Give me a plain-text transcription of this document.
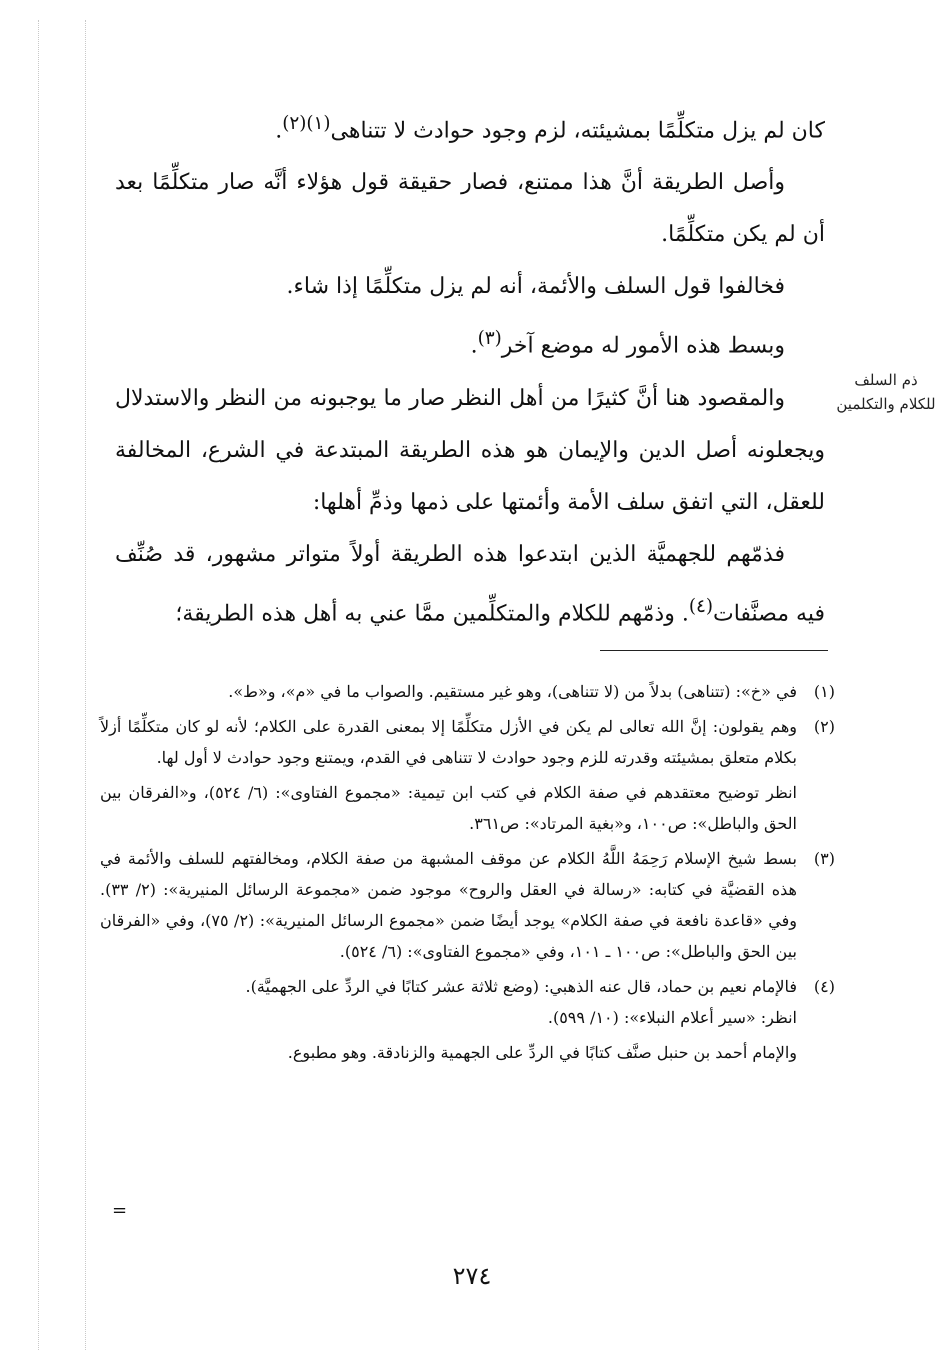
كان لم يزل متكلِّمًا بمشيئته، لزم وجود حوادث لا تتناهى$^{(١)(٢)}$.

وأصل الطريقة أنَّ هذا ممتنع، فصار حقيقة قول هؤلاء أنَّه صار متكلِّمًا بعد أن لم يكن متكلِّمًا.

فخالفوا قول السلف والأئمة، أنه لم يزل متكلِّمًا إذا شاء.

وبسط هذه الأمور له موضع آخر$^{(٣)}$.

والمقصود هنا أنَّ كثيرًا من أهل النظر صار ما يوجبونه من النظر والاستدلال ويجعلونه أصل الدين والإيمان هو هذه الطريقة المبتدعة في الشرع، المخالفة للعقل، التي اتفق سلف الأمة وأئمتها على ذمها وذمِّ أهلها:

فذمّهم للجهميَّة الذين ابتدعوا هذه الطريقة أولاً متواتر مشهور، قد صُنِّف فيه مصنَّفات$^{(٤)}$. وذمّهم للكلام والمتكلِّمين ممَّا عني به أهل هذه الطريقة؛

ذم السلف للكلام والتكلمين
(١)

في «خ»: (تتناهى) بدلاً من (لا تتناهى)، وهو غير مستقيم. والصواب ما في «م»، و«ط».

(٢)

وهم يقولون: إنَّ الله تعالى لم يكن في الأزل متكلِّمًا إلا بمعنى القدرة على الكلام؛ لأنه لو كان متكلِّمًا أزلاً بكلام متعلق بمشيئته وقدرته للزم وجود حوادث لا تتناهى في القدم، ويمتنع وجود حوادث لا أول لها.

انظر توضيح معتقدهم في صفة الكلام في كتب ابن تيمية: «مجموع الفتاوى»: (٦/ ٥٢٤)، و«الفرقان بين الحق والباطل»: ص١٠٠، و«بغية المرتاد»: ص٣٦١.

(٣)

بسط شيخ الإسلام رَحِمَهُ اللَّهُ الكلام عن موقف المشبهة من صفة الكلام، ومخالفتهم للسلف والأئمة في هذه القضيَّة في كتابه: «رسالة في العقل والروح» موجود ضمن «مجموعة الرسائل المنيرية»: (٢/ ٣٣). وفي «قاعدة نافعة في صفة الكلام» يوجد أيضًا ضمن «مجموع الرسائل المنيرية»: (٢/ ٧٥)، وفي «الفرقان بين الحق والباطل»: ص١٠٠ ـ ١٠١، وفي «مجموع الفتاوى»: (٦/ ٥٢٤).

(٤)

فالإمام نعيم بن حماد، قال عنه الذهبي: (وضع ثلاثة عشر كتابًا في الردِّ على الجهميَّة).

انظر: «سير أعلام النبلاء»: (١٠/ ٥٩٩).

والإمام أحمد بن حنبل صنَّف كتابًا في الردِّ على الجهمية والزنادقة. وهو مطبوع.

=
٢٧٤
